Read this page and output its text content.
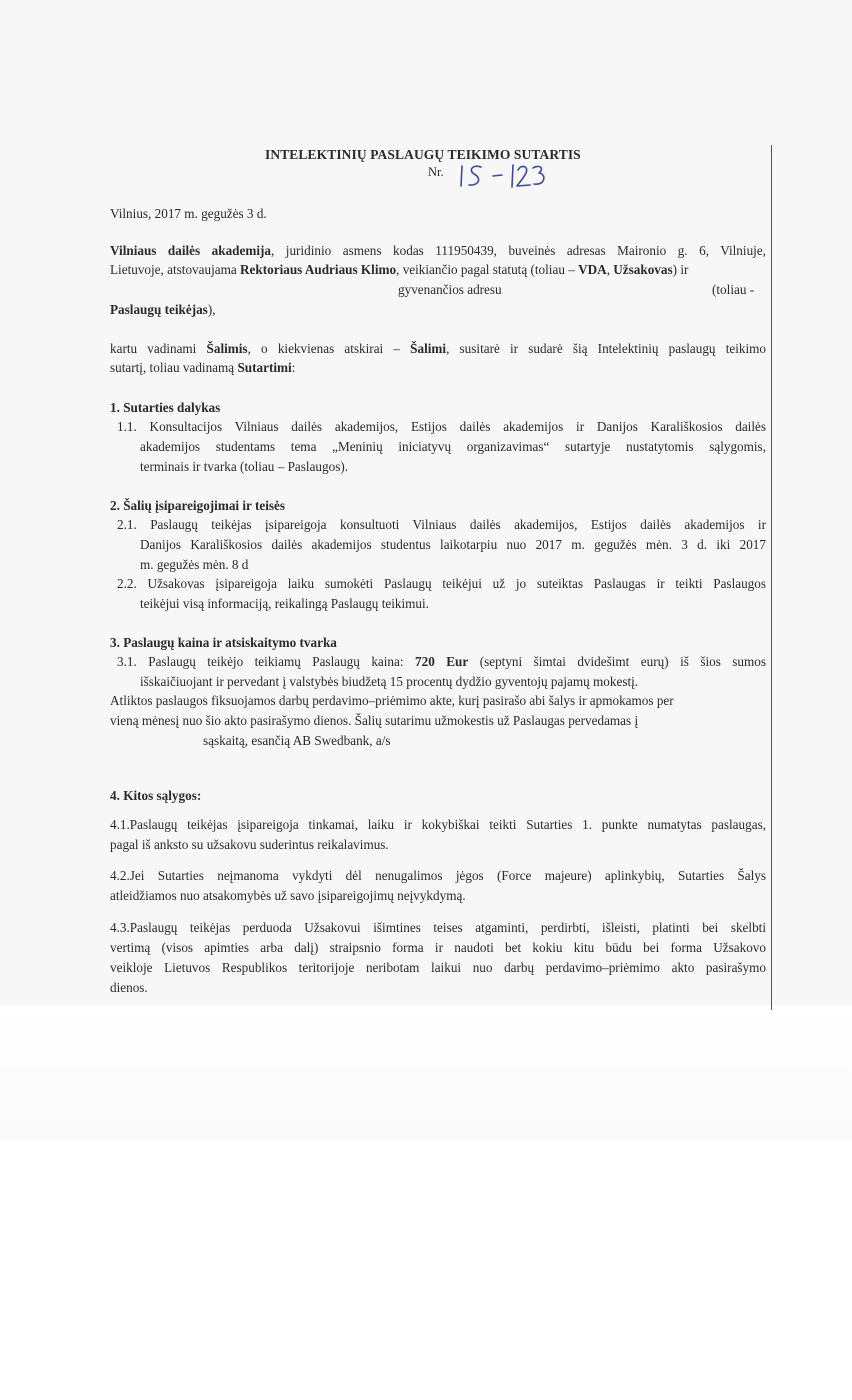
INTELEKTINIŲ PASLAUGŲ TEIKIMO SUTARTIS
Nr.
Vilnius, 2017 m. gegužės 3 d.
Vilniaus dailės akademija, juridinio asmens kodas 111950439, buveinės adresas Maironio g. 6, Vilniuje,
Lietuvoje, atstovaujama Rektoriaus Audriaus Klimo, veikiančio pagal statutą (toliau – VDA, Užsakovas) ir
gyvenančios adresu	(toliau -
Paslaugų teikėjas),
kartu vadinami Šalimis, o kiekvienas atskirai – Šalimi, susitarė ir sudarė šią Intelektinių paslaugų teikimo
sutartį, toliau vadinamą Sutartimi:
1. Sutarties dalykas
1.1. Konsultacijos Vilniaus dailės akademijos, Estijos dailės akademijos ir Danijos Karališkosios dailės
akademijos studentams tema „Meninių iniciatyvų organizavimas“ sutartyje nustatytomis sąlygomis,
terminais ir tvarka (toliau – Paslaugos).
2. Šalių įsipareigojimai ir teisės
2.1. Paslaugų teikėjas įsipareigoja konsultuoti Vilniaus dailės akademijos, Estijos dailės akademijos ir
Danijos Karališkosios dailės akademijos studentus laikotarpiu nuo 2017 m. gegužės mėn. 3 d. iki 2017
m. gegužės mėn. 8 d
2.2. Užsakovas įsipareigoja laiku sumokėti Paslaugų teikėjui už jo suteiktas Paslaugas ir teikti Paslaugos
teikėjui visą informaciją, reikalingą Paslaugų teikimui.
3. Paslaugų kaina ir atsiskaitymo tvarka
3.1. Paslaugų teikėjo teikiamų Paslaugų kaina: 720 Eur (septyni šimtai dvidešimt eurų) iš šios sumos
išskaičiuojant ir pervedant į valstybės biudžetą 15 procentų dydžio gyventojų pajamų mokestį.
Atliktos paslaugos fiksuojamos darbų perdavimo–priėmimo akte, kurį pasirašo abi šalys ir apmokamos per
vieną mėnesį nuo šio akto pasirašymo dienos. Šalių sutarimu užmokestis už Paslaugas pervedamas į
sąskaitą, esančią AB Swedbank, a/s
4. Kitos sąlygos:
4.1.Paslaugų teikėjas įsipareigoja tinkamai, laiku ir kokybiškai teikti Sutarties 1. punkte numatytas paslaugas,
pagal iš anksto su užsakovu suderintus reikalavimus.
4.2.Jei Sutarties neįmanoma vykdyti dėl nenugalimos jėgos (Force majeure) aplinkybių, Sutarties Šalys
atleidžiamos nuo atsakomybės už savo įsipareigojimų neįvykdymą.
4.3.Paslaugų teikėjas perduoda Užsakovui išimtines teises atgaminti, perdirbti, išleisti, platinti bei skelbti
vertimą (visos apimties arba dalį) straipsnio forma ir naudoti bet kokiu kitu būdu bei forma Užsakovo
veikloje Lietuvos Respublikos teritorijoje neribotam laikui nuo darbų perdavimo–priėmimo akto pasirašymo
dienos.
